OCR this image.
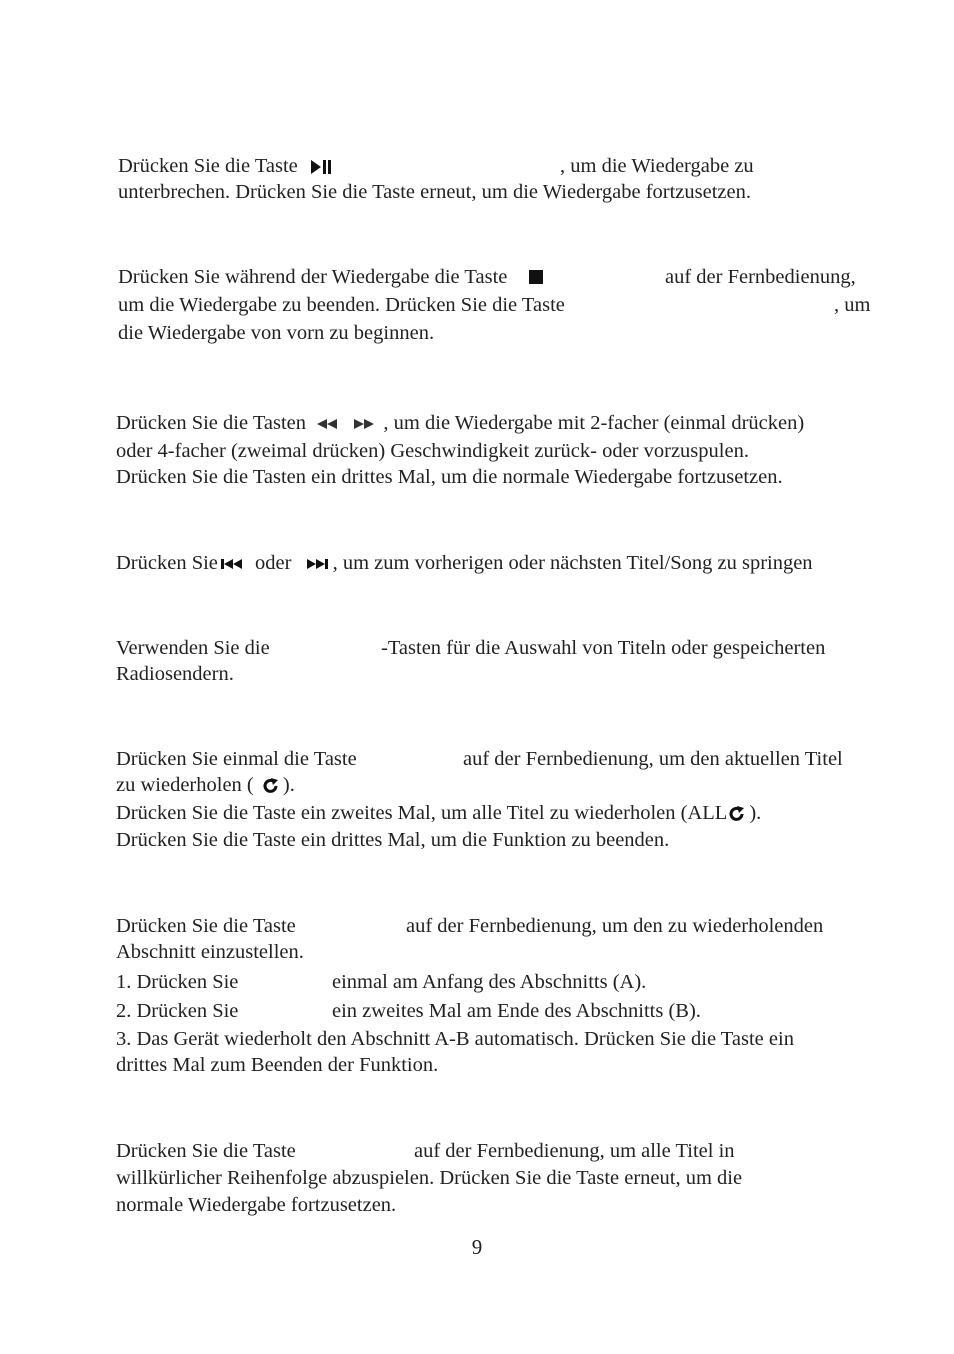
Drücken Sie die Taste	, um die Wiedergabe zu
unterbrechen. Drücken Sie die Taste erneut, um die Wiedergabe fortzusetzen.
Drücken Sie während der Wiedergabe die Taste	auf der Fernbedienung,
um die Wiedergabe zu beenden. Drücken Sie die Taste	, um
die Wiedergabe von vorn zu beginnen.
Drücken Sie die Tasten	, um die Wiedergabe mit 2-facher (einmal drücken)
oder 4-facher (zweimal drücken) Geschwindigkeit zurück- oder vorzuspulen.
Drücken Sie die Tasten ein drittes Mal, um die normale Wiedergabe fortzusetzen.
Drücken Sie oder , um zum vorherigen oder nächsten Titel/Song zu springen
Verwenden Sie die	-Tasten für die Auswahl von Titeln oder gespeicherten
Radiosendern.
Drücken Sie einmal die Taste	auf der Fernbedienung, um den aktuellen Titel
zu wiederholen ( ).
Drücken Sie die Taste ein zweites Mal, um alle Titel zu wiederholen (ALL ).
Drücken Sie die Taste ein drittes Mal, um die Funktion zu beenden.
Drücken Sie die Taste	auf der Fernbedienung, um den zu wiederholenden
Abschnitt einzustellen.
1. Drücken Sie	einmal am Anfang des Abschnitts (A).
2. Drücken Sie	ein zweites Mal am Ende des Abschnitts (B).
3. Das Gerät wiederholt den Abschnitt A-B automatisch. Drücken Sie die Taste ein
drittes Mal zum Beenden der Funktion.
Drücken Sie die Taste	auf der Fernbedienung, um alle Titel in
willkürlicher Reihenfolge abzuspielen. Drücken Sie die Taste erneut, um die
normale Wiedergabe fortzusetzen.
9
